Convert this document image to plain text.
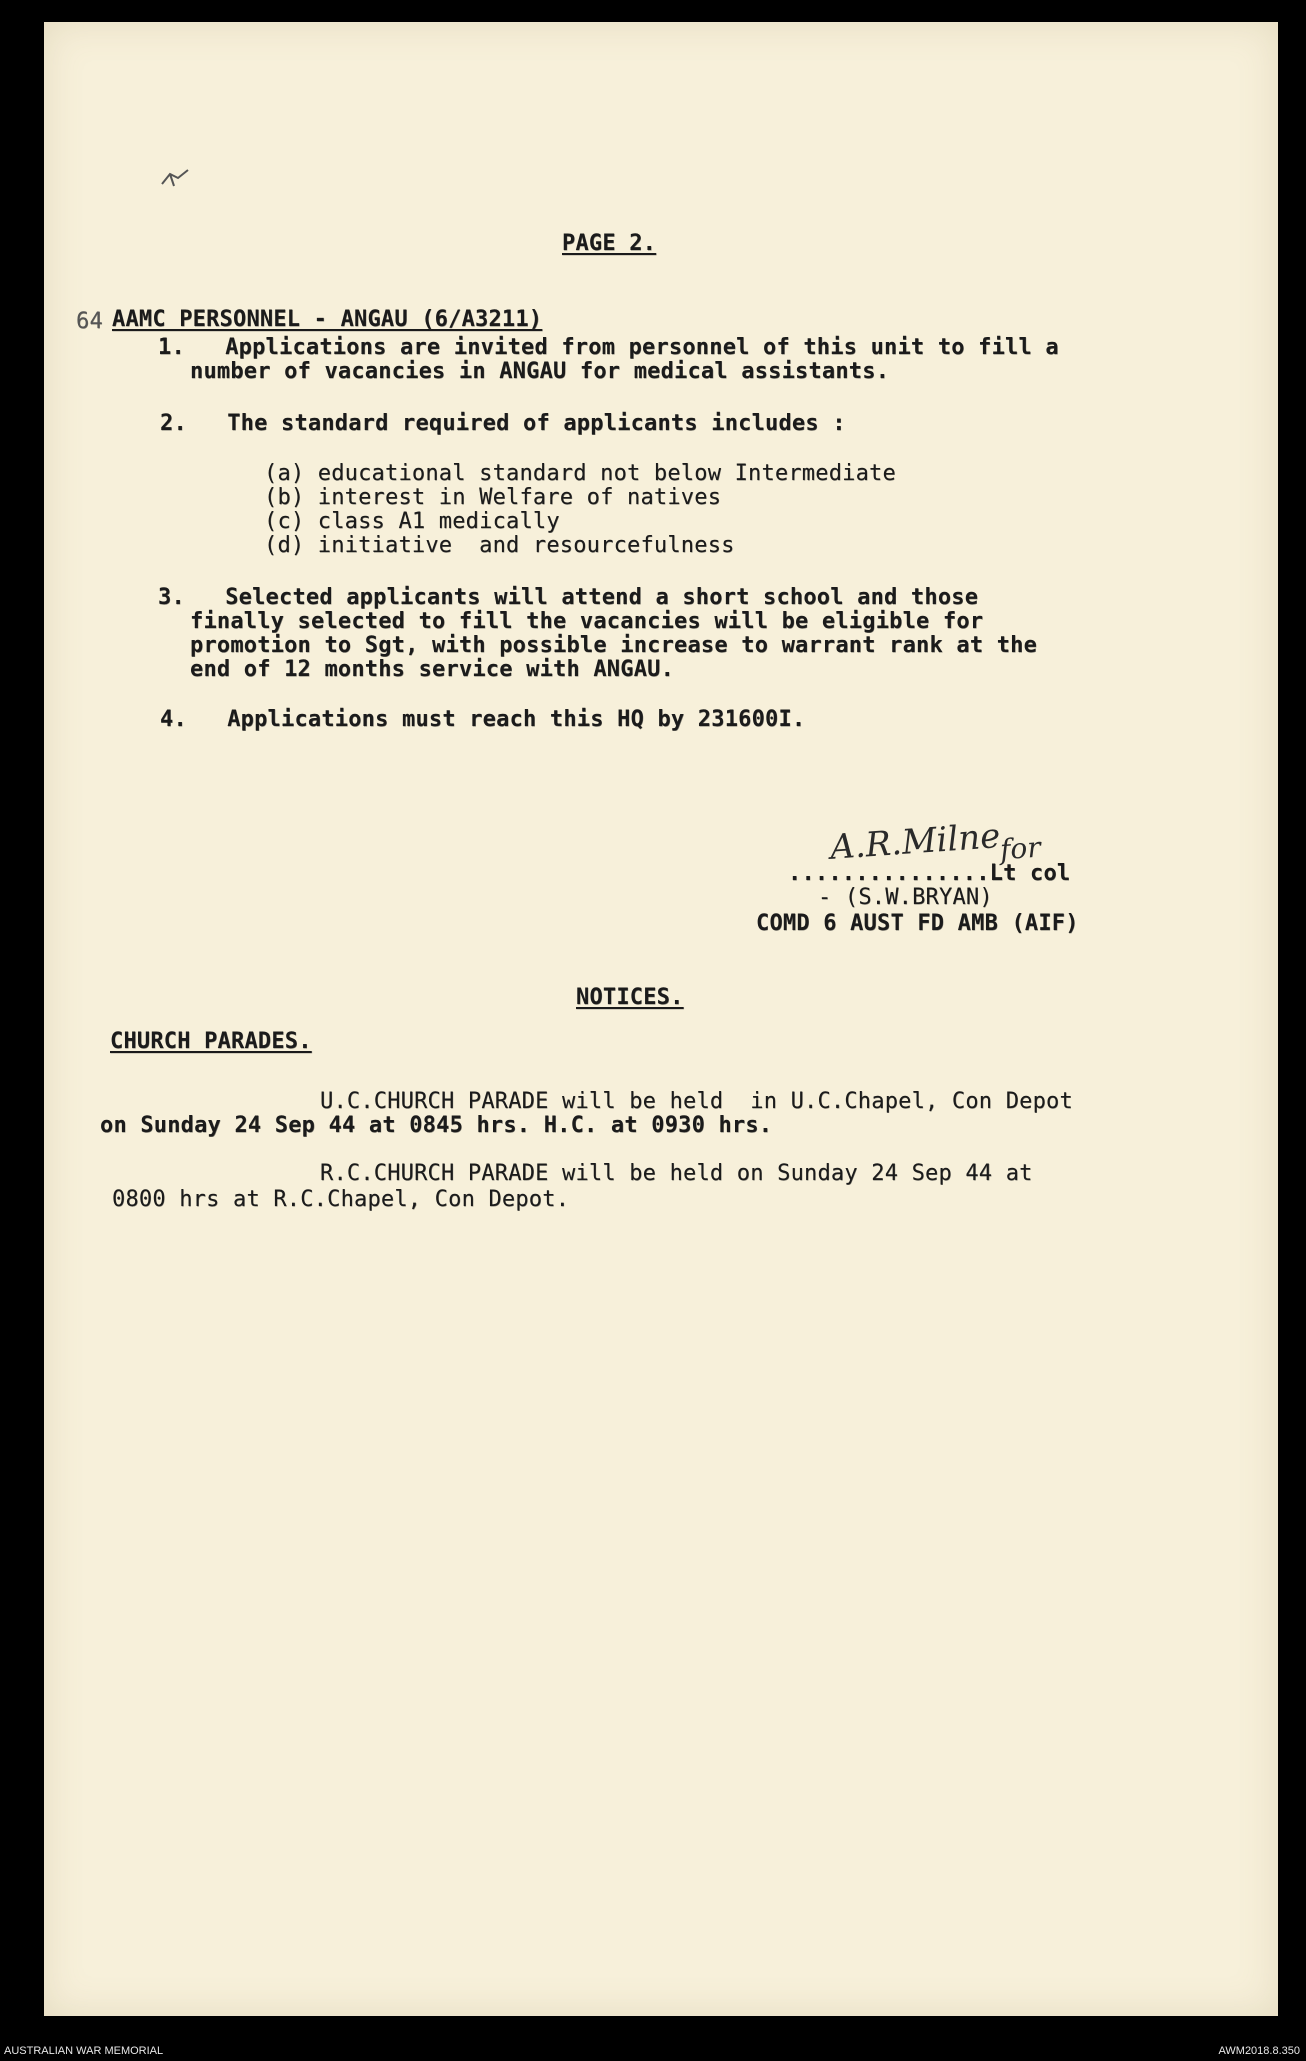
PAGE 2.
64 AAMC PERSONNEL - ANGAU (6/A3211)
1.   Applications are invited from personnel of this unit to fill a
number of vacancies in ANGAU for medical assistants.
2.   The standard required of applicants includes :
(a) educational standard not below Intermediate
(b) interest in Welfare of natives
(c) class A1 medically
(d) initiative  and resourcefulness
3.   Selected applicants will attend a short school and those
finally selected to fill the vacancies will be eligible for
promotion to Sgt, with possible increase to warrant rank at the
end of 12 months service with ANGAU.
4.   Applications must reach this HQ by 231600I.
A.R.Milne
for
...............Lt col
- (S.W.BRYAN)
COMD 6 AUST FD AMB (AIF)
NOTICES.
CHURCH PARADES.
U.C.CHURCH PARADE will be held  in U.C.Chapel, Con Depot
on Sunday 24 Sep 44 at 0845 hrs. H.C. at 0930 hrs.
R.C.CHURCH PARADE will be held on Sunday 24 Sep 44 at
0800 hrs at R.C.Chapel, Con Depot.
AUSTRALIAN WAR MEMORIAL	AWM2018.8.350
